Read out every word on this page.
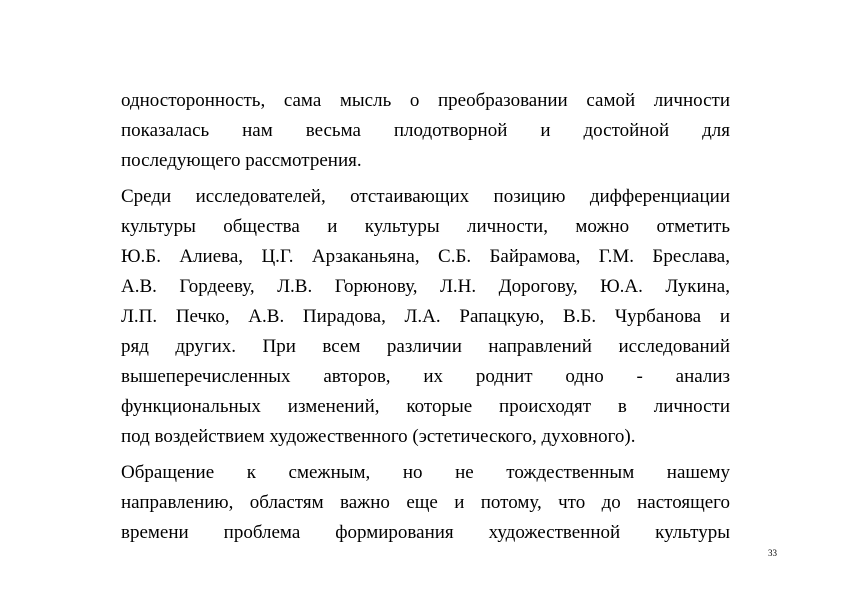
односторонность, сама мысль о преобразовании самой личности
показалась нам весьма плодотворной и достойной для
последующего рассмотрения.
Среди исследователей, отстаивающих позицию дифференциации
культуры общества и культуры личности, можно отметить
Ю.Б. Алиева, Ц.Г. Арзаканьяна, С.Б. Байрамова, Г.М. Бреслава,
А.В. Гордееву, Л.В. Горюнову, Л.Н. Дорогову, Ю.А. Лукина,
Л.П. Печко, А.В. Пирадова, Л.А. Рапацкую, В.Б. Чурбанова и
ряд других. При всем различии направлений исследований
вышеперечисленных авторов, их роднит одно - анализ
функциональных изменений, которые происходят в личности
под воздействием художественного (эстетического, духовного).
Обращение к смежным, но не тождественным нашему
направлению, областям важно еще и потому, что до настоящего
времени проблема формирования художественной культуры
33
